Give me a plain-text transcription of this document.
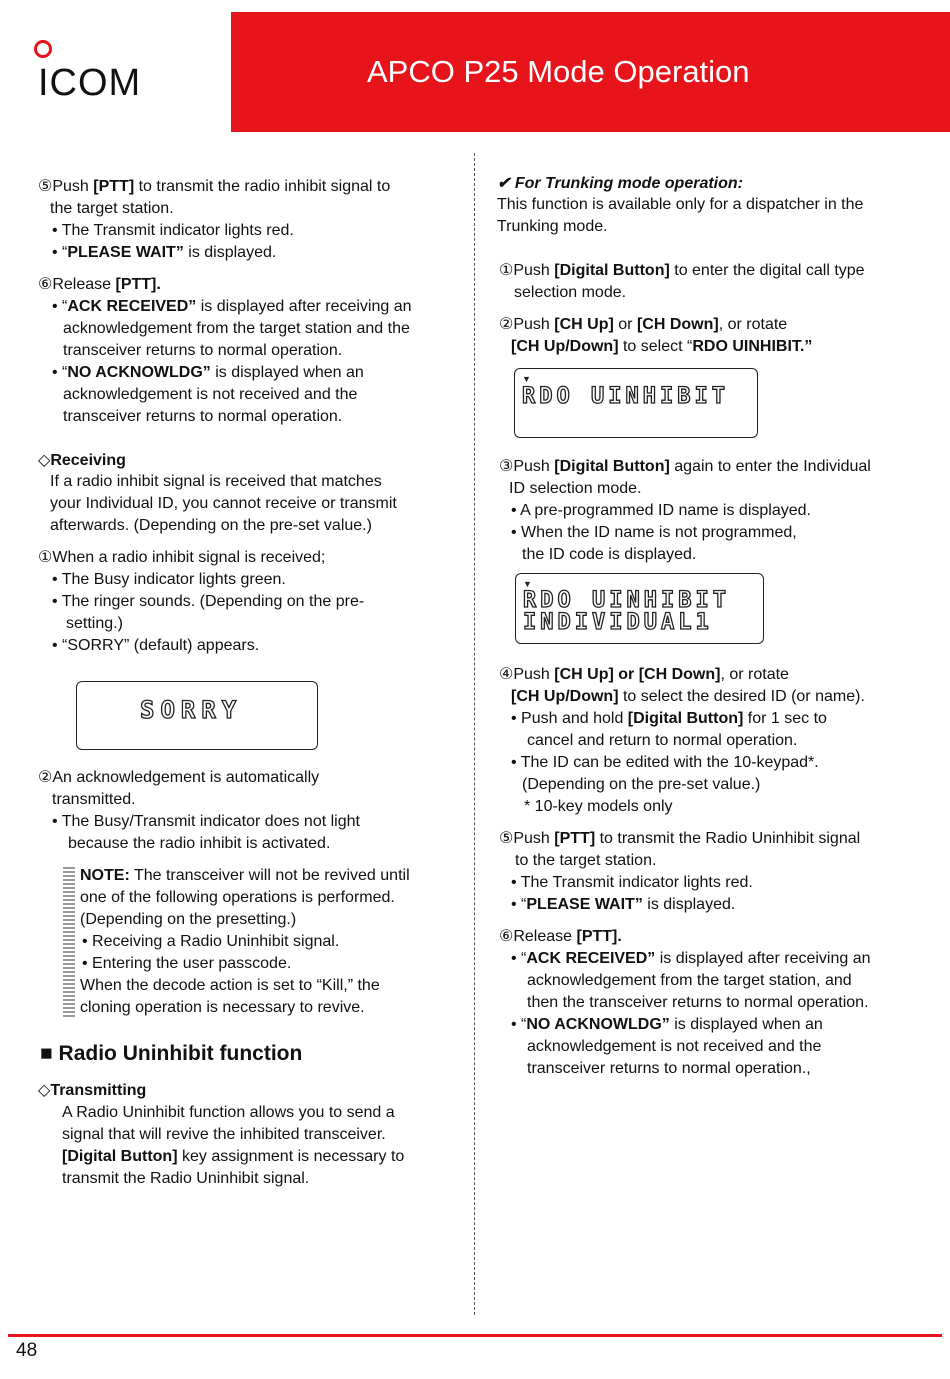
ICOM	APCO P25 Mode Operation
⑤Push [PTT] to transmit the radio inhibit signal to
the target station.
• The Transmit indicator lights red.
• “PLEASE WAIT” is displayed.
⑥Release [PTT].
• “ACK RECEIVED” is displayed after receiving an
acknowledgement from the target station and the
transceiver returns to normal operation.
• “NO ACKNOWLDG” is displayed when an
acknowledgement is not received and the
transceiver returns to normal operation.
◇Receiving
If a radio inhibit signal is received that matches
your Individual ID, you cannot receive or transmit
afterwards. (Depending on the pre-set value.)
①When a radio inhibit signal is received;
• The Busy indicator lights green.
• The ringer sounds. (Depending on the pre-
setting.)
• “SORRY” (default) appears.
SORRY
②An acknowledgement is automatically
transmitted.
• The Busy/Transmit indicator does not light
because the radio inhibit is activated.
NOTE: The transceiver will not be revived until
one of the following operations is performed.
(Depending on the presetting.)
• Receiving a Radio Uninhibit signal.
• Entering the user passcode.
When the decode action is set to “Kill,” the
cloning operation is necessary to revive.
■ Radio Uninhibit function
◇Transmitting
A Radio Uninhibit function allows you to send a
signal that will revive the inhibited transceiver.
[Digital Button] key assignment is necessary to
transmit the Radio Uninhibit signal.
✔ For Trunking mode operation:
This function is available only for a dispatcher in the
Trunking mode.
①Push [Digital Button] to enter the digital call type
selection mode.
②Push [CH Up] or [CH Down], or rotate
[CH Up/Down] to select “RDO UINHIBIT.”
▼
RDO UINHIBIT
③Push [Digital Button] again to enter the Individual
ID selection mode.
• A pre-programmed ID name is displayed.
• When the ID name is not programmed,
the ID code is displayed.
▼
RDO UINHIBIT
INDIVIDUAL1
④Push [CH Up] or [CH Down], or rotate
[CH Up/Down] to select the desired ID (or name).
• Push and hold [Digital Button] for 1 sec to
cancel and return to normal operation.
• The ID can be edited with the 10-keypad*.
(Depending on the pre-set value.)
* 10-key models only
⑤Push [PTT] to transmit the Radio Uninhibit signal
to the target station.
• The Transmit indicator lights red.
• “PLEASE WAIT” is displayed.
⑥Release [PTT].
• “ACK RECEIVED” is displayed after receiving an
acknowledgement from the target station, and
then the transceiver returns to normal operation.
• “NO ACKNOWLDG” is displayed when an
acknowledgement is not received and the
transceiver returns to normal operation.,
48
